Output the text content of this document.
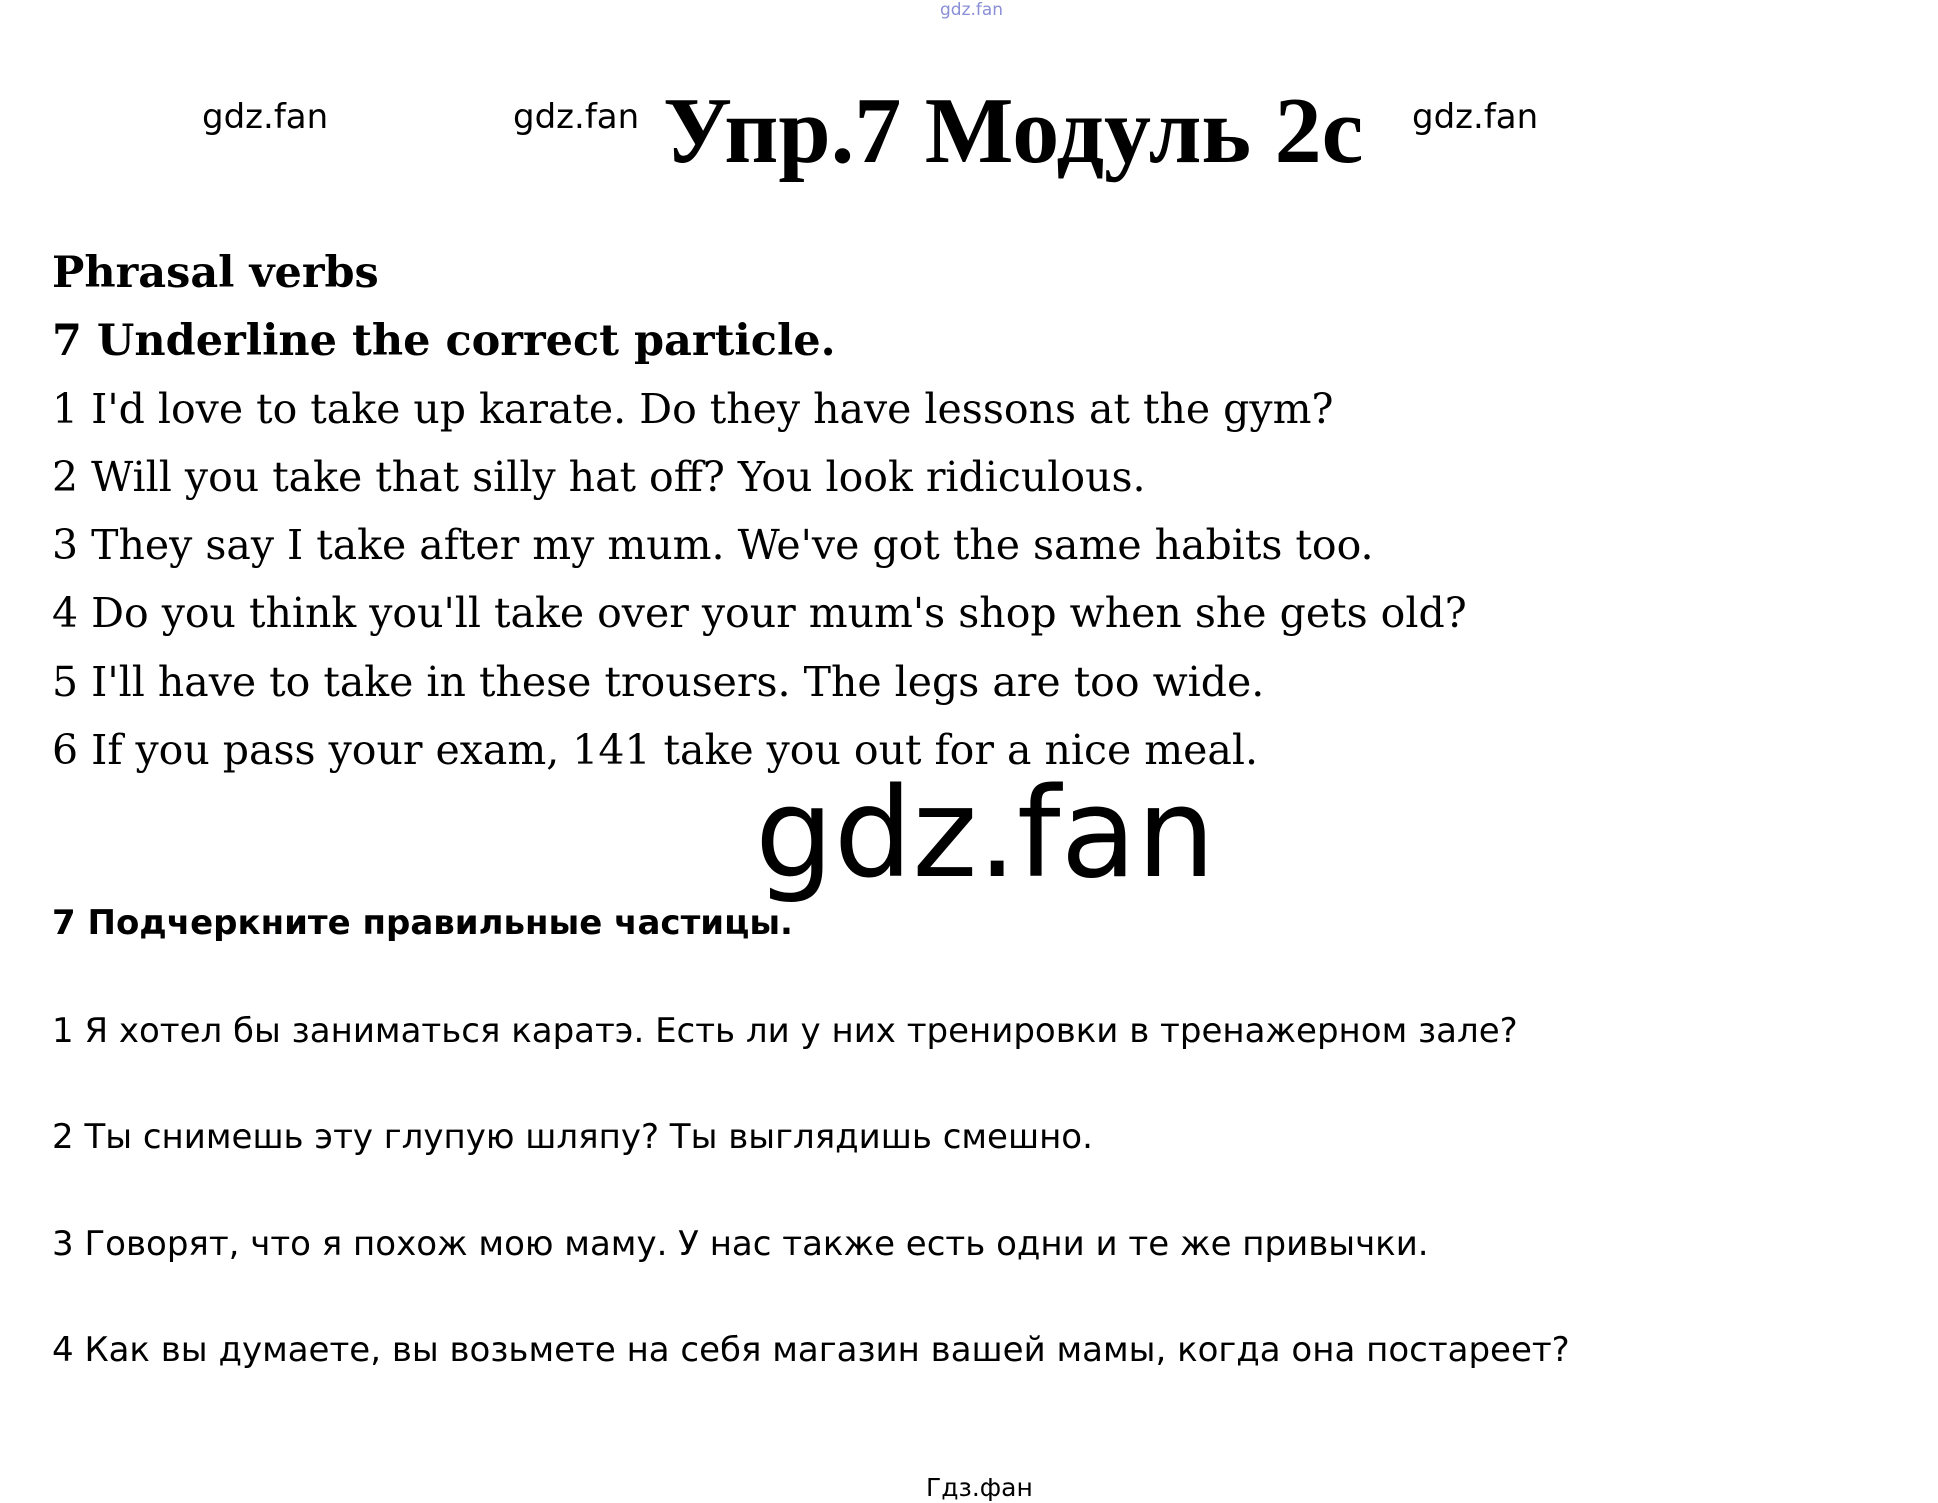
gdz.fan
gdz.fan	gdz.fan Упр.7 Модуль 2c gdz.fan
Phrasal verbs
7 Underline the correct particle.
1 I'd love to take up karate. Do they have lessons at the gym?
2 Will you take that silly hat off? You look ridiculous.
3 They say I take after my mum. We've got the same habits too.
4 Do you think you'll take over your mum's shop when she gets old?
5 I'll have to take in these trousers. The legs are too wide.
6 If you pass your exam, 141 take you out for a nice meal.
gdz.fan
7 Подчеркните правильные частицы.
1 Я хотел бы заниматься каратэ. Есть ли у них тренировки в тренажерном зале?
2 Ты снимешь эту глупую шляпу? Ты выглядишь смешно.
3 Говорят, что я похож мою маму. У нас также есть одни и те же привычки.
4 Как вы думаете, вы возьмете на себя магазин вашей мамы, когда она постареет?
Гдз.фан
